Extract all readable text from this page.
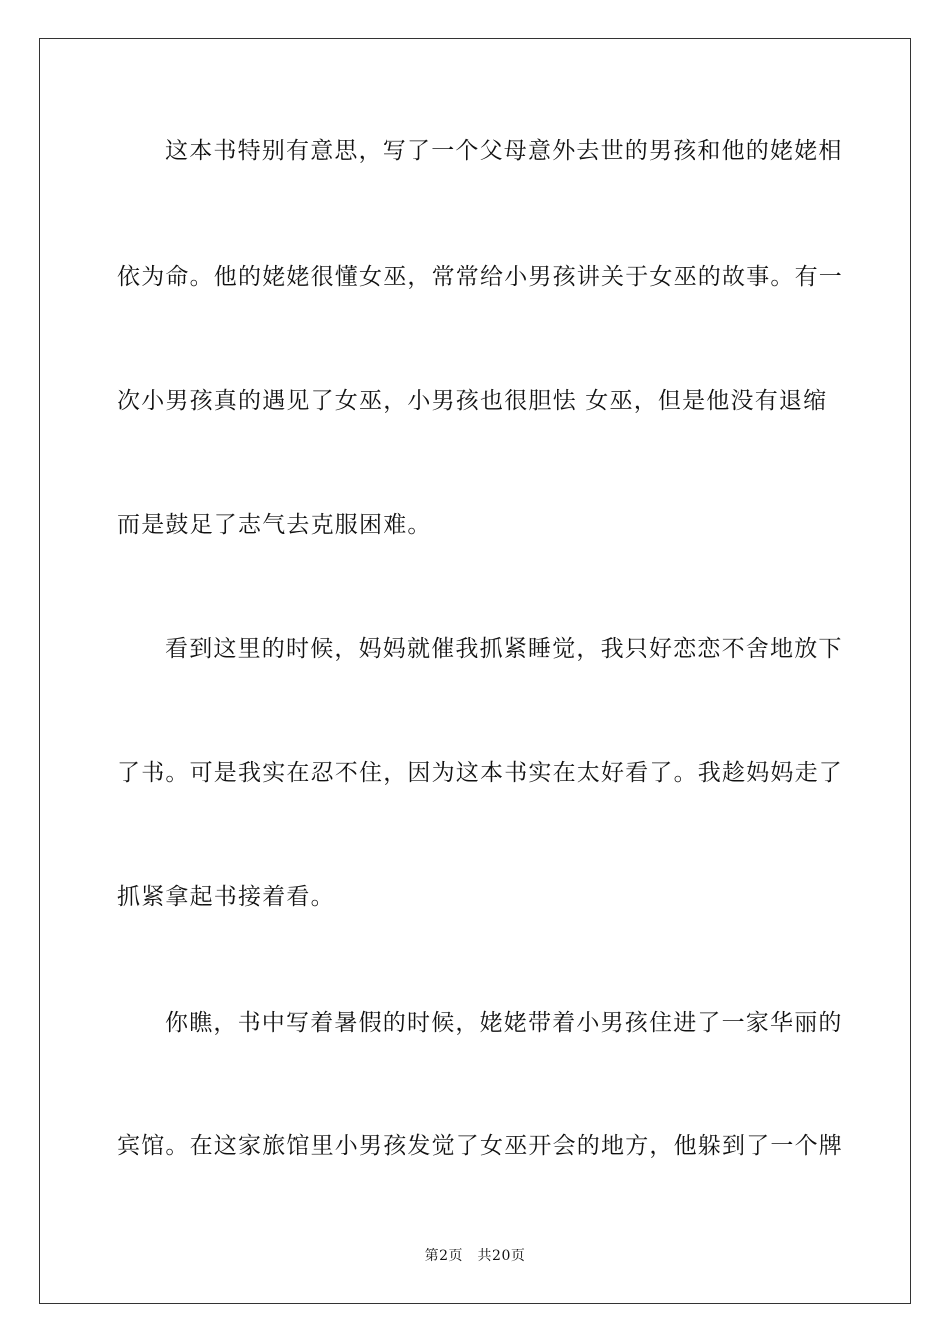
这本书特别有意思，写了一个父母意外去世的男孩和他的姥姥相
依为命。他的姥姥很懂女巫，常常给小男孩讲关于女巫的故事。有一
次小男孩真的遇见了女巫，小男孩也很胆怯 女巫，但是他没有退缩
而是鼓足了志气去克服困难。
看到这里的时候，妈妈就催我抓紧睡觉，我只好恋恋不舍地放下
了书。可是我实在忍不住，因为这本书实在太好看了。我趁妈妈走了
抓紧拿起书接着看。
你瞧，书中写着暑假的时候，姥姥带着小男孩住进了一家华丽的
宾馆。在这家旅馆里小男孩发觉了女巫开会的地方，他躲到了一个牌
第2页　共20页
